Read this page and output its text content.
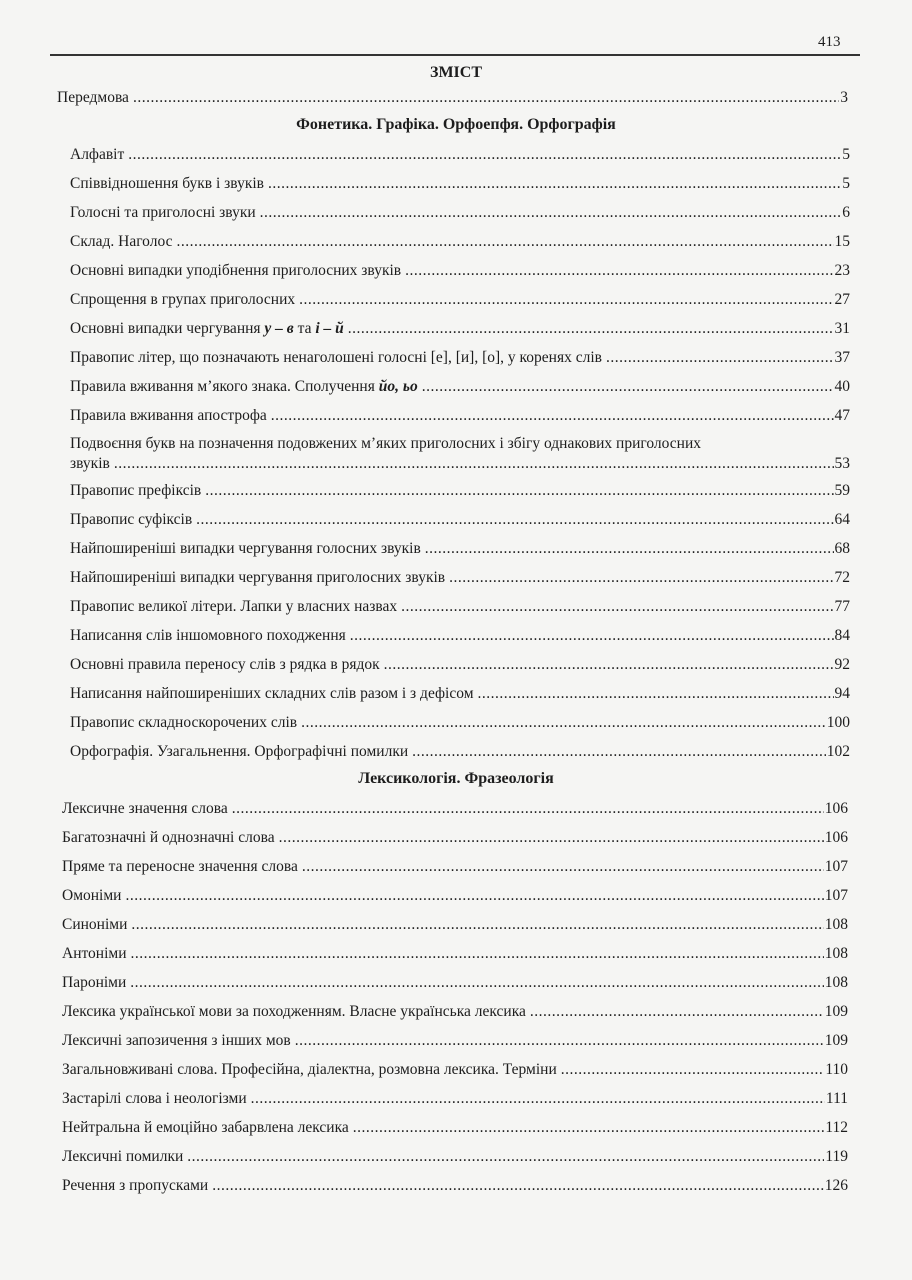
413
ЗМІСТ
Передмова .....	3
Фонетика. Графіка. Орфоепфя. Орфографія
Алфавіт .....	5
Співвідношення букв і звуків .....	5
Голосні та приголосні звуки .....	6
Склад. Наголос .....	15
Основні випадки уподібнення приголосних звуків .....	23
Спрощення в групах приголосних .....	27
Основні випадки чергування у – в та і – й .....	31
Правопис літер, що позначають ненаголошені голосні [е], [и], [о], у коренях слів .....	37
Правила вживання м’якого знака. Сполучення йо, ьо .....	40
Правила вживання апострофа .....	47
Подвоєння букв на позначення подовжених м’яких приголосних і збігу однакових приголосних
звуків .....	53
Правопис префіксів .....	59
Правопис суфіксів .....	64
Найпоширеніші випадки чергування голосних звуків .....	68
Найпоширеніші випадки чергування приголосних звуків .....	72
Правопис великої літери. Лапки у власних назвах .....	77
Написання слів іншомовного походження .....	84
Основні правила переносу слів з рядка в рядок .....	92
Написання найпоширеніших складних слів разом і з дефісом .....	94
Правопис складноскорочених слів .....	100
Орфографія. Узагальнення. Орфографічні помилки .....	102
Лексикологія. Фразеологія
Лексичне значення слова .....	106
Багатозначні й однозначні слова .....	106
Пряме та переносне значення слова .....	107
Омоніми .....	107
Синоніми .....	108
Антоніми .....	108
Пароніми .....	108
Лексика української мови за походженням. Власне українська лексика .....	109
Лексичні запозичення з інших мов .....	109
Загальновживані слова. Професійна, діалектна, розмовна лексика. Терміни .....	110
Застарілі слова і неологізми .....	111
Нейтральна й емоційно забарвлена лексика .....	112
Лексичні помилки .....	119
Речення з пропусками .....	126
